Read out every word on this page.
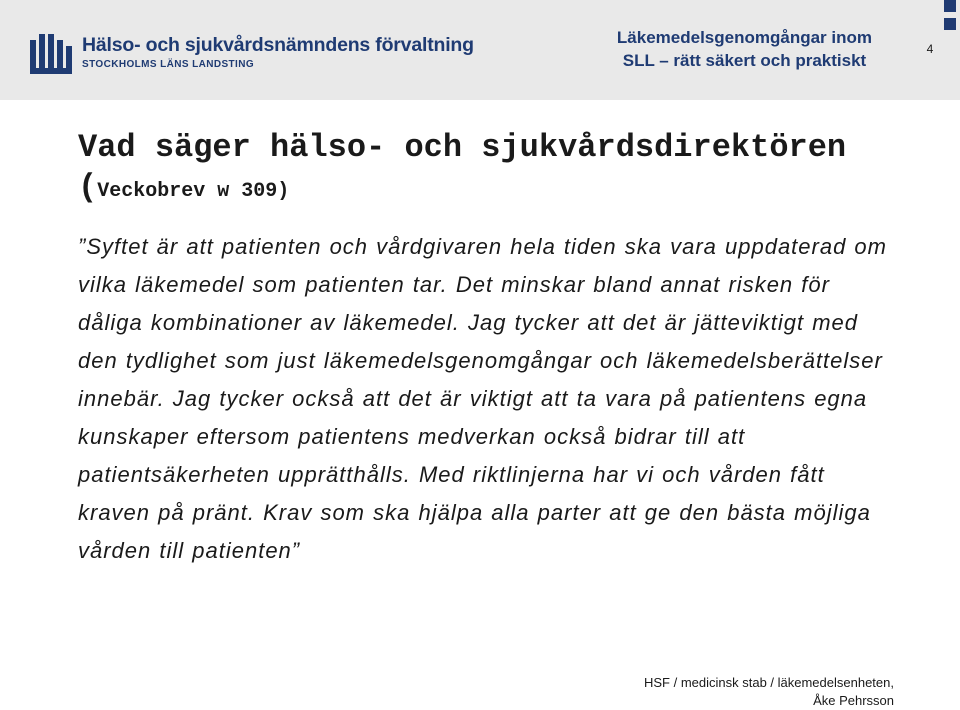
Hälso- och sjukvårdsnämndens förvaltning
STOCKHOLMS LÄNS LANDSTING
Läkemedelsgenomgångar inom
SLL – rätt säkert och praktiskt
4
Vad säger hälso- och sjukvårdsdirektören
(Veckobrev w 309)
”Syftet är att patienten och vårdgivaren hela tiden ska vara uppdaterad om vilka läkemedel som patienten tar. Det minskar bland annat risken för dåliga kombinationer av läkemedel. Jag tycker att det är jätteviktigt med den tydlighet som just läkemedelsgenomgångar och läkemedelsberättelser innebär. Jag tycker också att det är viktigt att ta vara på patientens egna kunskaper eftersom patientens medverkan också bidrar till att patientsäkerheten upprätthålls. Med riktlinjerna har vi och vården fått kraven på pränt. Krav som ska hjälpa alla parter att ge den bästa möjliga vården till patienten”
HSF / medicinsk stab / läkemedelsenheten,
Åke Pehrsson
